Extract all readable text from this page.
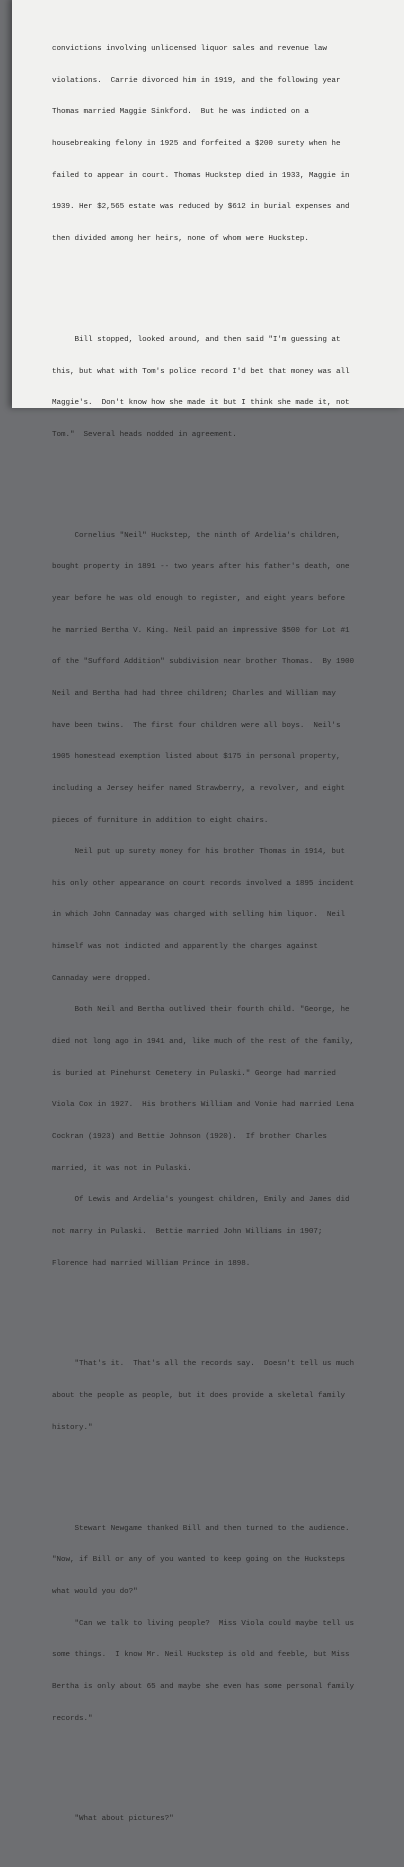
convictions involving unlicensed liquor sales and revenue law

violations.  Carrie divorced him in 1919, and the following year

Thomas married Maggie Sinkford.  But he was indicted on a

housebreaking felony in 1925 and forfeited a $200 surety when he

failed to appear in court. Thomas Huckstep died in 1933, Maggie in

1939. Her $2,565 estate was reduced by $612 in burial expenses and

then divided among her heirs, none of whom were Huckstep.

Bill stopped, looked around, and then said "I'm guessing at

this, but what with Tom's police record I'd bet that money was all

Maggie's.  Don't know how she made it but I think she made it, not

Tom."  Several heads nodded in agreement.

Cornelius "Neil" Huckstep, the ninth of Ardelia's children,

bought property in 1891 -- two years after his father's death, one

year before he was old enough to register, and eight years before

he married Bertha V. King. Neil paid an impressive $500 for Lot #1

of the "Sufford Addition" subdivision near brother Thomas.  By 1900

Neil and Bertha had had three children; Charles and William may

have been twins.  The first four children were all boys.  Neil's

1905 homestead exemption listed about $175 in personal property,

including a Jersey heifer named Strawberry, a revolver, and eight

pieces of furniture in addition to eight chairs.

Neil put up surety money for his brother Thomas in 1914, but

his only other appearance on court records involved a 1895 incident

in which John Cannaday was charged with selling him liquor.  Neil

himself was not indicted and apparently the charges against

Cannaday were dropped.

Both Neil and Bertha outlived their fourth child. "George, he

died not long ago in 1941 and, like much of the rest of the family,

is buried at Pinehurst Cemetery in Pulaski." George had married

Viola Cox in 1927.  His brothers William and Vonie had married Lena

Cockran (1923) and Bettie Johnson (1920).  If brother Charles

married, it was not in Pulaski.

Of Lewis and Ardelia's youngest children, Emily and James did

not marry in Pulaski.  Bettie married John Williams in 1907;

Florence had married William Prince in 1898.

"That's it.  That's all the records say.  Doesn't tell us much

about the people as people, but it does provide a skeletal family

history."

Stewart Newgame thanked Bill and then turned to the audience.

"Now, if Bill or any of you wanted to keep going on the Hucksteps

what would you do?"

"Can we talk to living people?  Miss Viola could maybe tell us

some things.  I know Mr. Neil Huckstep is old and feeble, but Miss

Bertha is only about 65 and maybe she even has some personal family

records."

"What about pictures?"
